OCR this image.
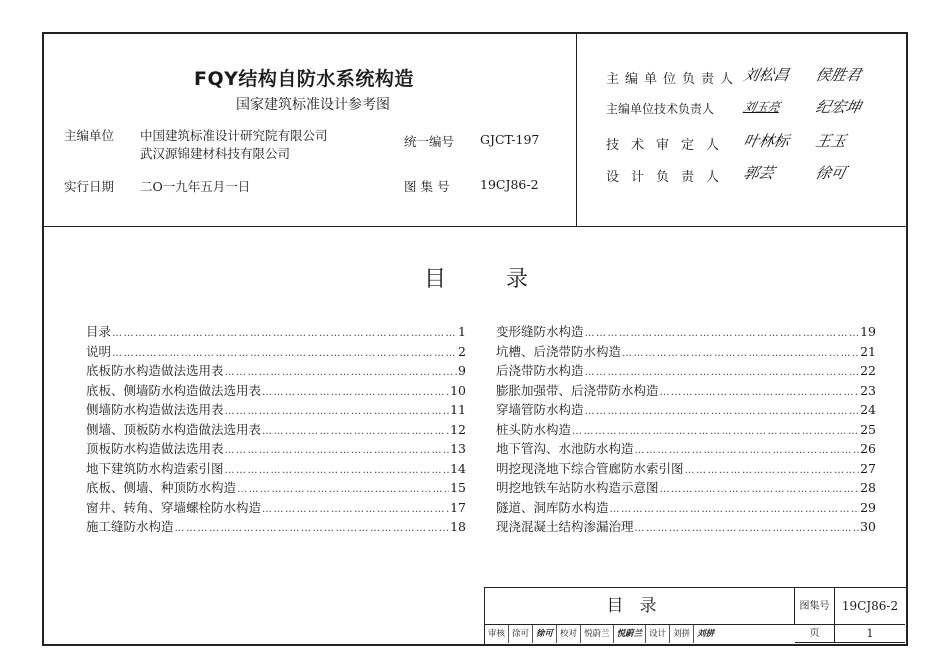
FQY结构自防水系统构造
国家建筑标准设计参考图
主编单位 中国建筑标准设计研究院有限公司
武汉源锦建材科技有限公司
统一编号 GJCT-197
实行日期 二O一九年五月一日	图 集 号 19CJ86-2
主编单位负责人 刘松昌 侯胜君
主编单位技术负责人 刘玉亮 纪宏坤
技术审定人 叶林标 王玉
设计负责人 郭芸	徐可
目	录
目录 ……………………………………………………………………………………………………………………………………………………	1
说明 ……………………………………………………………………………………………………………………………………………………	2
底板防水构造做法选用表 ……………………………………………………………………………………………………………………………………………………	9
底板、侧墙防水构造做法选用表 ……………………………………………………………………………………………………………………………………………………	10
侧墙防水构造做法选用表 ……………………………………………………………………………………………………………………………………………………	11
侧墙、顶板防水构造做法选用表 ……………………………………………………………………………………………………………………………………………………	12
顶板防水构造做法选用表 ……………………………………………………………………………………………………………………………………………………	13
地下建筑防水构造索引图 ……………………………………………………………………………………………………………………………………………………	14
底板、侧墙、种顶防水构造 ……………………………………………………………………………………………………………………………………………………	15
窗井、转角、穿墙螺栓防水构造 ……………………………………………………………………………………………………………………………………………………	17
施工缝防水构造 ……………………………………………………………………………………………………………………………………………………	18
变形缝防水构造 ……………………………………………………………………………………………………………………………………………………	19
坑槽、后浇带防水构造 ……………………………………………………………………………………………………………………………………………………	21
后浇带防水构造 ……………………………………………………………………………………………………………………………………………………	22
膨胀加强带、后浇带防水构造 ……………………………………………………………………………………………………………………………………………………	23
穿墙管防水构造 ……………………………………………………………………………………………………………………………………………………	24
桩头防水构造 ……………………………………………………………………………………………………………………………………………………	25
地下管沟、水池防水构造 ……………………………………………………………………………………………………………………………………………………	26
明挖现浇地下综合管廊防水索引图 ……………………………………………………………………………………………………………………………………………………	27
明挖地铁车站防水构造示意图 ……………………………………………………………………………………………………………………………………………………	28
隧道、洞库防水构造 ……………………………………………………………………………………………………………………………………………………	29
现浇混凝土结构渗漏治理 ……………………………………………………………………………………………………………………………………………………	30
目录	图集号	19CJ86-2
页	1
审核 徐可 徐可 校对 悦蔚兰 悦蔚兰 设计 刘拼 刘拼
